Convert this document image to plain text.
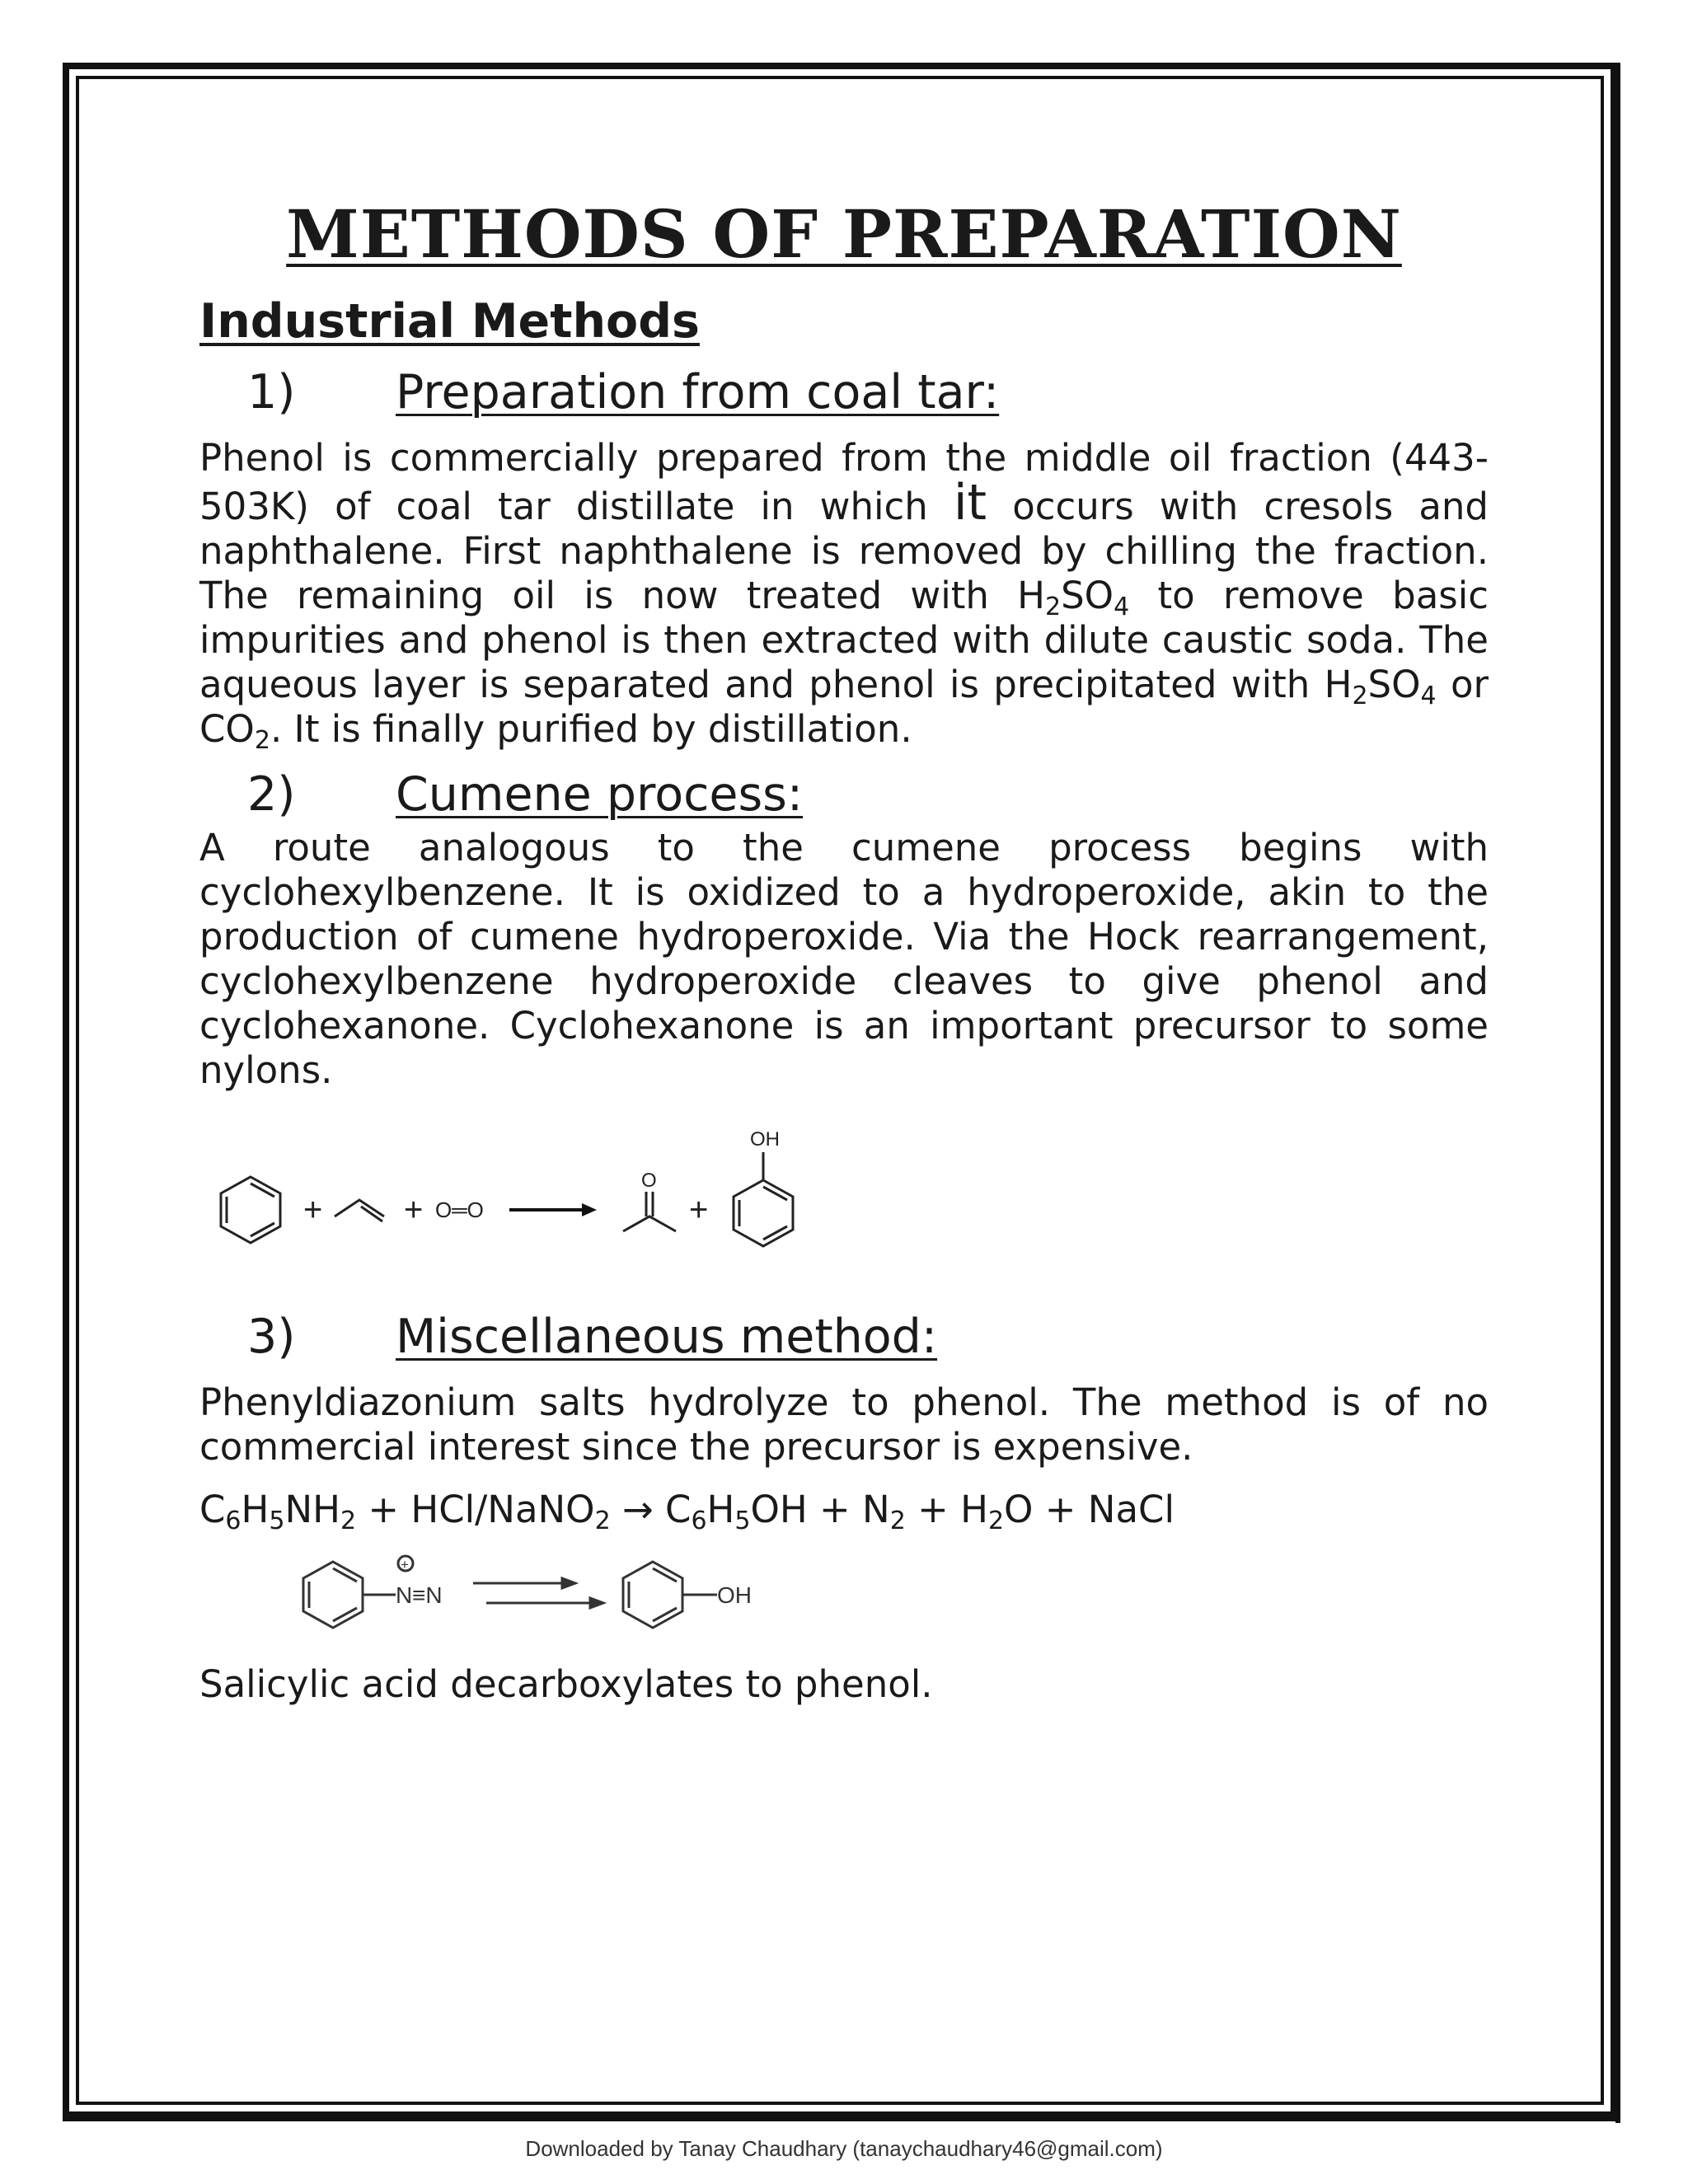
METHODS OF PREPARATION
Industrial Methods
1) Preparation from coal tar:

Phenol is commercially prepared from the middle oil fraction (443-503K) of coal tar distillate in which it occurs with cresols and naphthalene. First naphthalene is removed by chilling the fraction. The remaining oil is now treated with $H_2SO_4$ to remove basic impurities and phenol is then extracted with dilute caustic soda. The aqueous layer is separated and phenol is precipitated with $H_2SO_4$ or $CO_2$. It is finally purified by distillation.

2) Cumene process:

A route analogous to the cumene process begins with cyclohexylbenzene. It is oxidized to a hydroperoxide, akin to the production of cumene hydroperoxide. Via the Hock rearrangement, cyclohexylbenzene hydroperoxide cleaves to give phenol and cyclohexanone. Cyclohexanone is an important precursor to some nylons.

+ + O═O
O
+
OH
3) Miscellaneous method:

Phenyldiazonium salts hydrolyze to phenol. The method is of no commercial interest since the precursor is expensive.

$C_6H_5NH_2$ + HCl/NaNO$_2$ → $C_6H_5OH + N_2 + H_2O$ + NaCl
+
N ≡N	OH

Salicylic acid decarboxylates to phenol.

Downloaded by Tanay Chaudhary (tanaychaudhary46@gmail.com)
